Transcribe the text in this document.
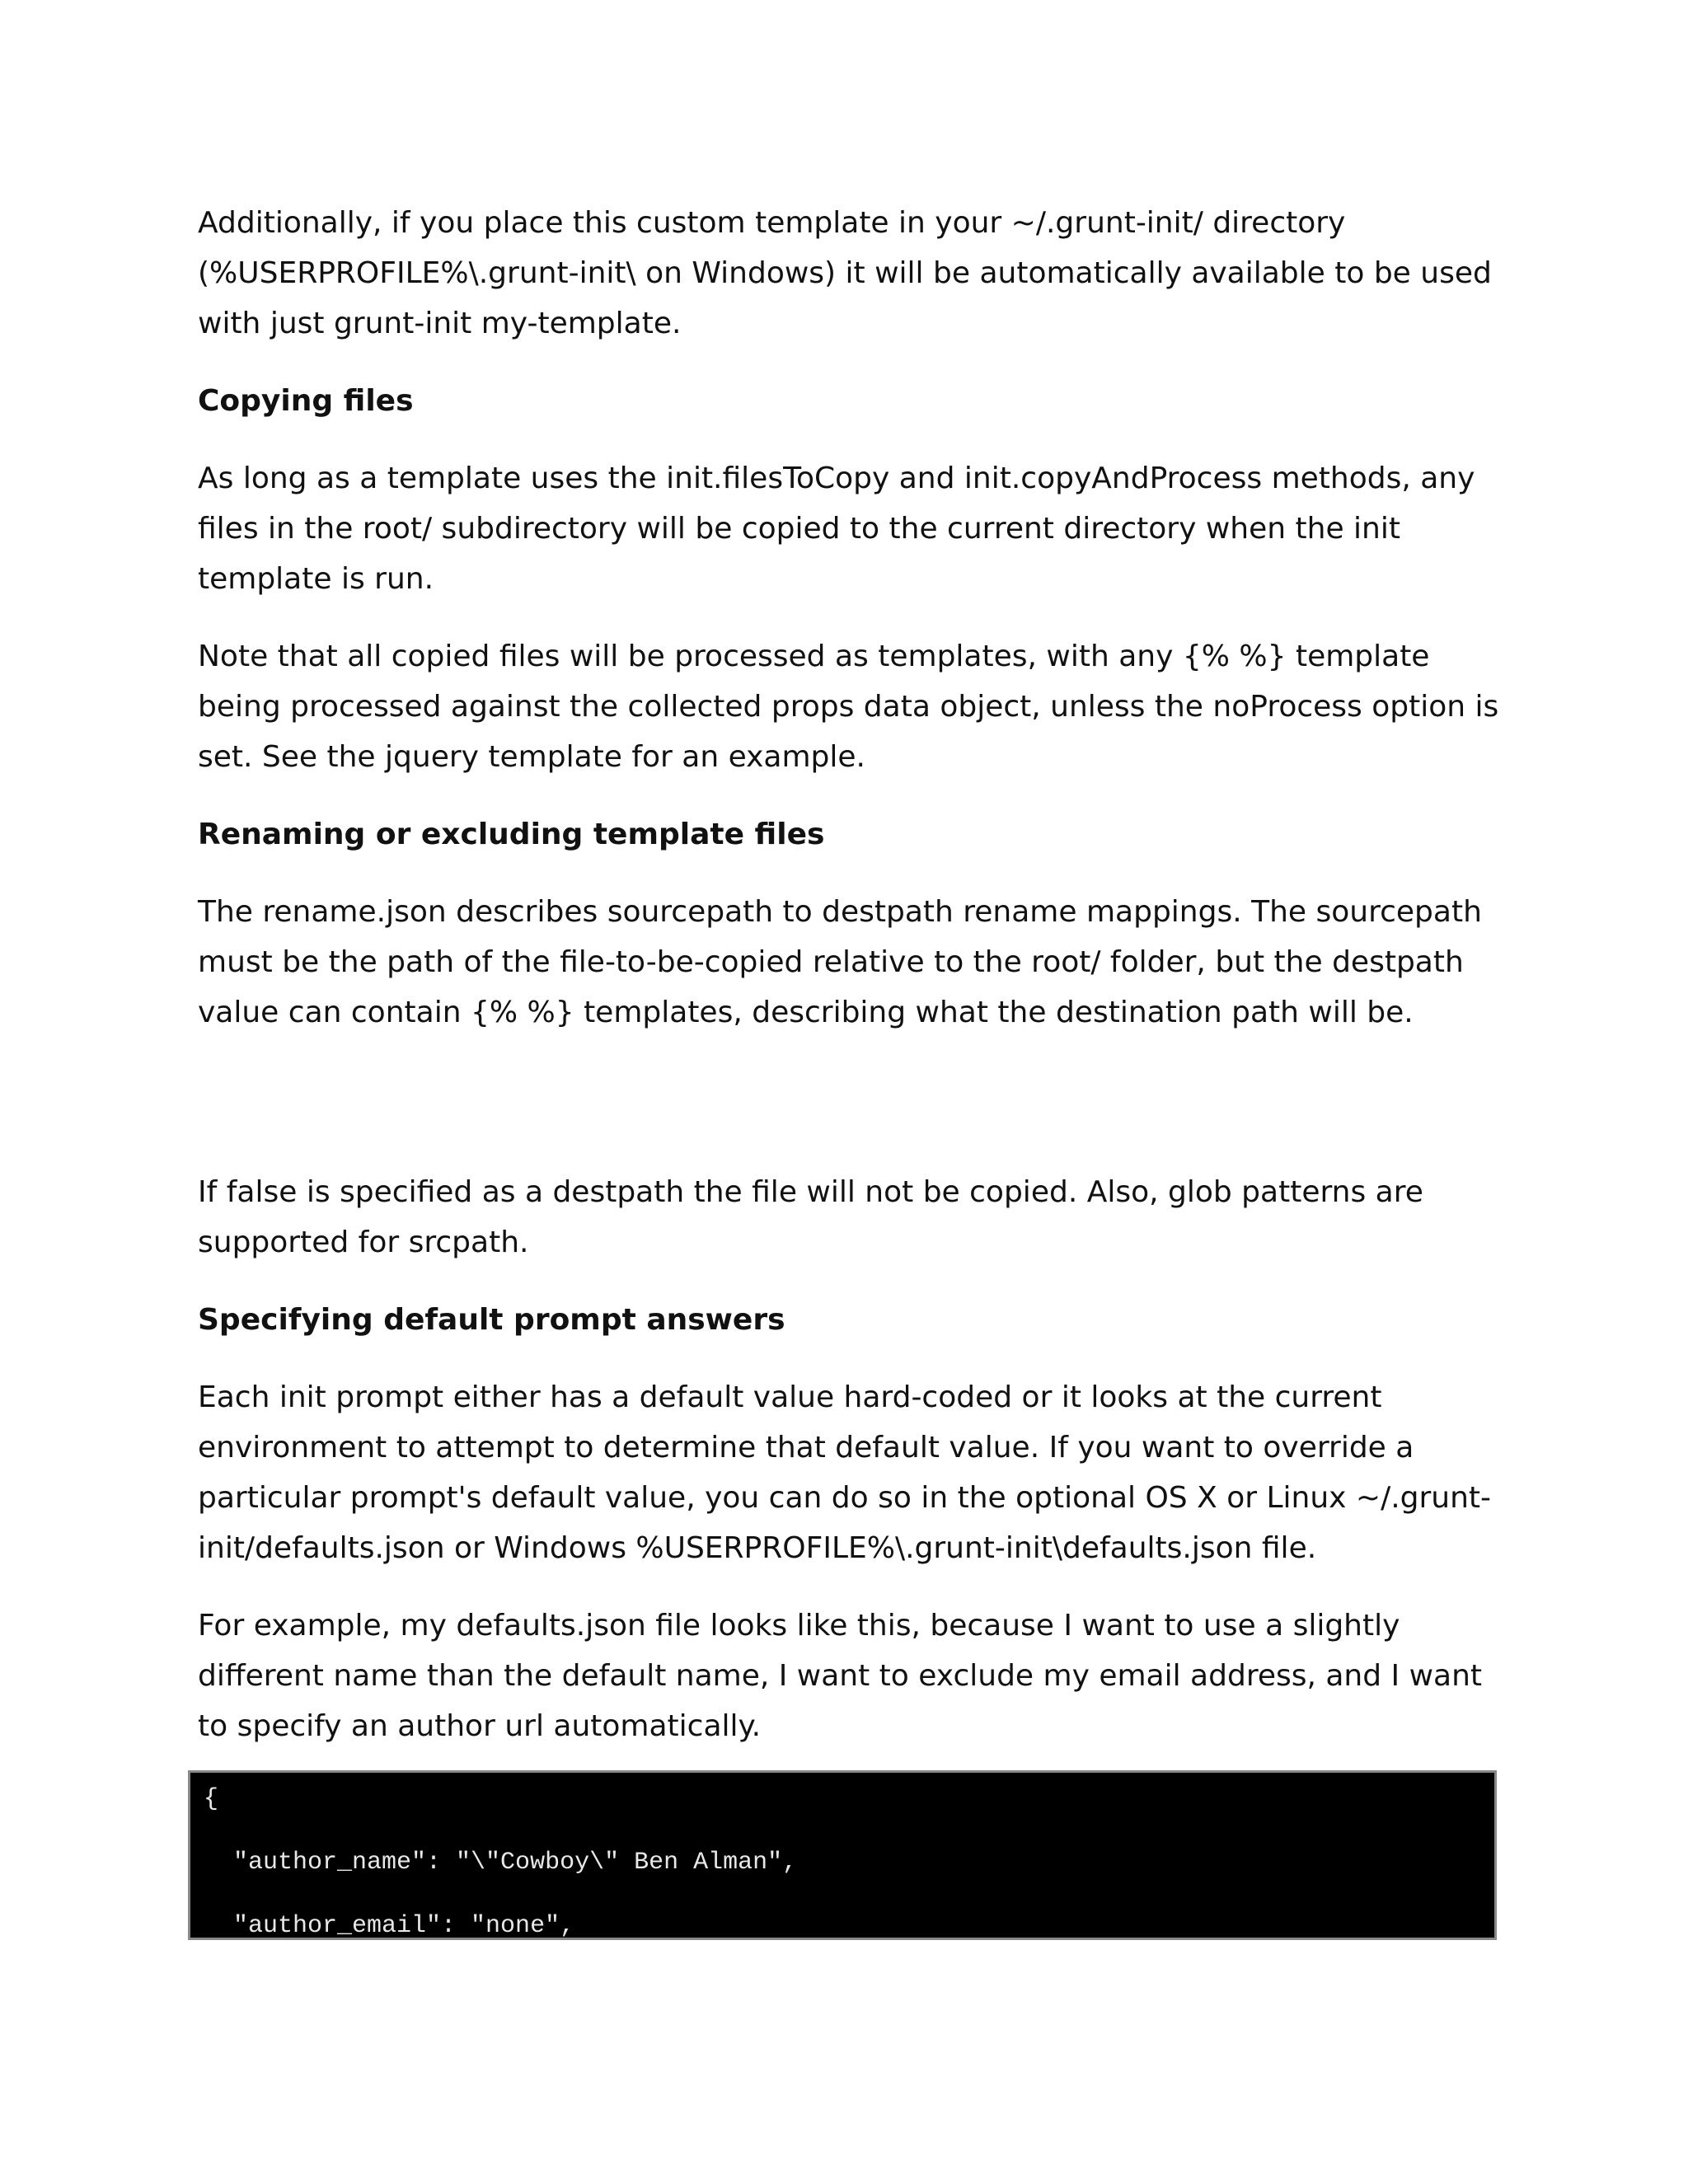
Additionally, if you place this custom template in your ~/.grunt-init/ directory (%USERPROFILE%\.grunt-init\ on Windows) it will be automatically available to be used with just grunt-init my-template.

Copying files

As long as a template uses the init.filesToCopy and init.copyAndProcess methods, any files in the root/ subdirectory will be copied to the current directory when the init template is run.

Note that all copied files will be processed as templates, with any {% %} template being processed against the collected props data object, unless the noProcess option is set. See the jquery template for an example.

Renaming or excluding template files

The rename.json describes sourcepath to destpath rename mappings. The sourcepath must be the path of the file-to-be-copied relative to the root/ folder, but the destpath value can contain {% %} templates, describing what the destination path will be.

If false is specified as a destpath the file will not be copied. Also, glob patterns are supported for srcpath.

Specifying default prompt answers

Each init prompt either has a default value hard-coded or it looks at the current environment to attempt to determine that default value. If you want to override a particular prompt's default value, you can do so in the optional OS X or Linux ~/.grunt-init/defaults.json or Windows %USERPROFILE%\.grunt-init\defaults.json file.

For example, my defaults.json file looks like this, because I want to use a slightly different name than the default name, I want to exclude my email address, and I want to specify an author url automatically.

{
"author_name": "\"Cowboy\" Ben Alman",
"author_email": "none",
